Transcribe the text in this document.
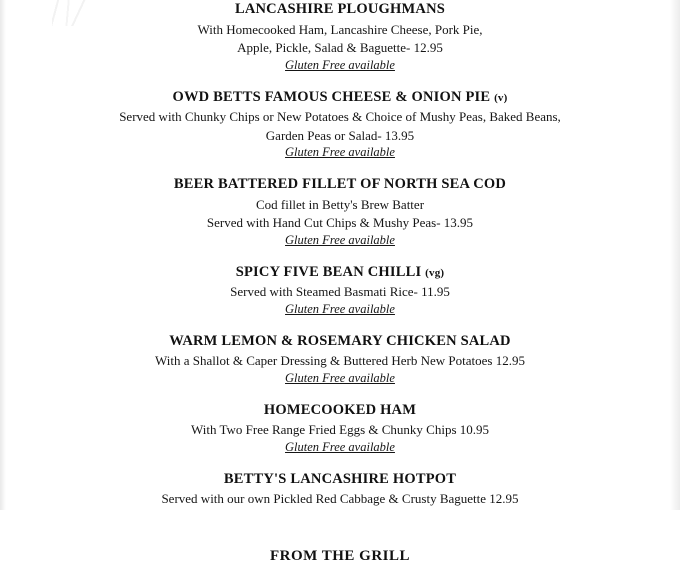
LANCASHIRE PLOUGHMANS
With Homecooked Ham, Lancashire Cheese, Pork Pie,
Apple, Pickle, Salad & Baguette- 12.95
Gluten Free available
OWD BETTS FAMOUS CHEESE & ONION PIE (v)
Served with Chunky Chips or New Potatoes & Choice of Mushy Peas, Baked Beans,
Garden Peas or Salad- 13.95
Gluten Free available
BEER BATTERED FILLET OF NORTH SEA COD
Cod fillet in Betty's Brew Batter
Served with Hand Cut Chips & Mushy Peas- 13.95
Gluten Free available
SPICY FIVE BEAN CHILLI (vg)
Served with Steamed Basmati Rice- 11.95
Gluten Free available
WARM LEMON & ROSEMARY CHICKEN SALAD
With a Shallot & Caper Dressing & Buttered Herb New Potatoes 12.95
Gluten Free available
HOMECOOKED HAM
With Two Free Range Fried Eggs & Chunky Chips 10.95
Gluten Free available
BETTY'S LANCASHIRE HOTPOT
Served with our own Pickled Red Cabbage & Crusty Baguette 12.95
FROM THE GRILL
